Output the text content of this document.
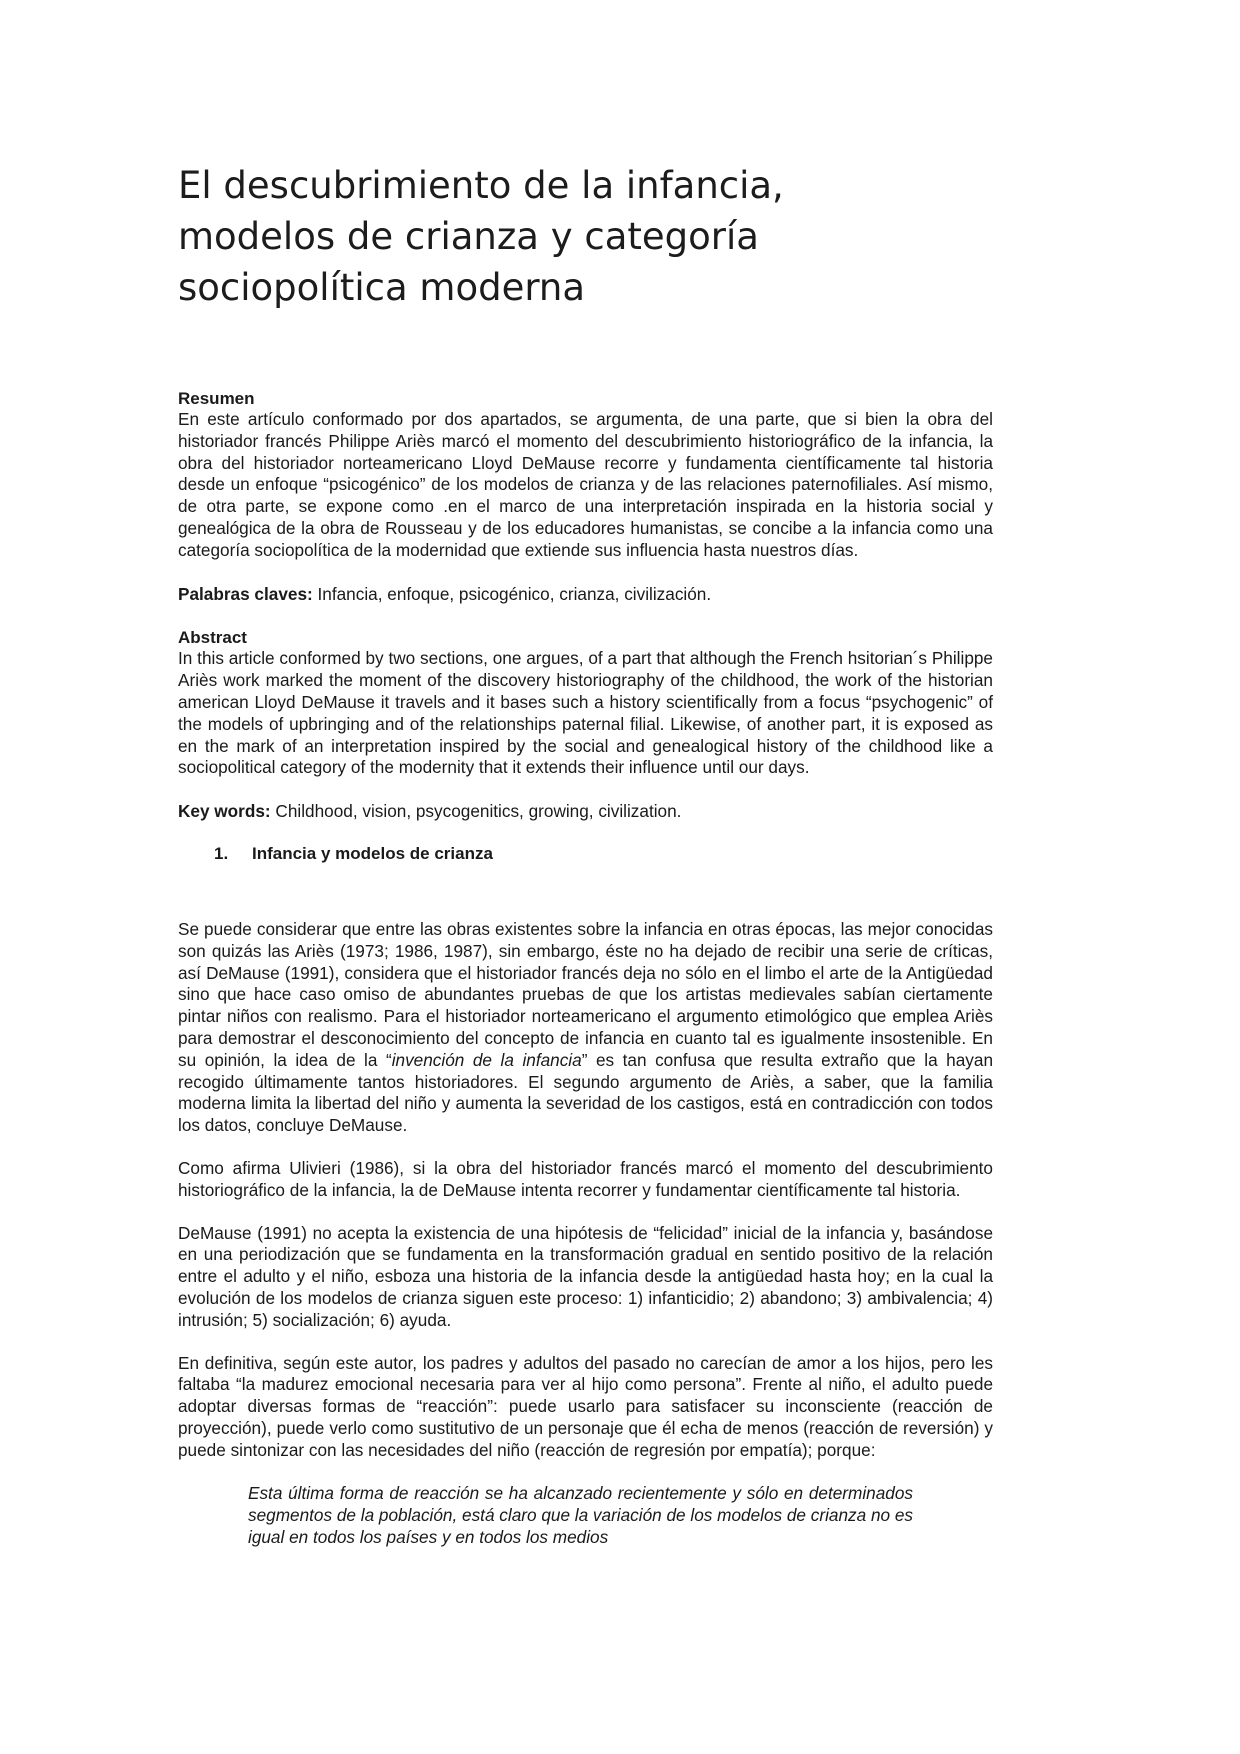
El descubrimiento de la infancia, modelos de crianza y categoría sociopolítica moderna
Resumen

En este artículo conformado por dos apartados, se argumenta, de una parte, que si bien la obra del historiador francés Philippe Ariès marcó el momento del descubrimiento historiográfico de la infancia, la obra del historiador norteamericano Lloyd DeMause recorre y fundamenta científicamente tal historia desde un enfoque “psicogénico” de los modelos de crianza y de las relaciones paternofiliales. Así mismo, de otra parte, se expone como .en el marco de una interpretación inspirada en la historia social y genealógica de la obra de Rousseau y de los educadores humanistas, se concibe a la infancia como una categoría sociopolítica de la modernidad que extiende sus influencia hasta nuestros días.

Palabras claves: Infancia, enfoque, psicogénico, crianza, civilización.

Abstract

In this article conformed by two sections, one argues, of a part that although the French hsitorian´s Philippe Ariès work marked the moment of the discovery historiography of the childhood, the work of the historian american Lloyd DeMause it travels and it bases such a history scientifically from a focus “psychogenic” of the models of upbringing and of the relationships paternal filial. Likewise, of another part, it is exposed as en the mark of an interpretation inspired by the social and genealogical history of the childhood like a sociopolitical category of the modernity that it extends their influence until our days.

Key words: Childhood, vision, psycogenitics, growing, civilization.

1.	Infancia y modelos de crianza

Se puede considerar que entre las obras existentes sobre la infancia en otras épocas, las mejor conocidas son quizás las Ariès (1973; 1986, 1987), sin embargo, éste no ha dejado de recibir una serie de críticas, así DeMause (1991), considera que el historiador francés deja no sólo en el limbo el arte de la Antigüedad sino que hace caso omiso de abundantes pruebas de que los artistas medievales sabían ciertamente pintar niños con realismo. Para el historiador norteamericano el argumento etimológico que emplea Ariès para demostrar el desconocimiento del concepto de infancia en cuanto tal es igualmente insostenible. En su opinión, la idea de la “invención de la infancia” es tan confusa que resulta extraño que la hayan recogido últimamente tantos historiadores. El segundo argumento de Ariès, a saber, que la familia moderna limita la libertad del niño y aumenta la severidad de los castigos, está en contradicción con todos los datos, concluye DeMause.

Como afirma Ulivieri (1986), si la obra del historiador francés marcó el momento del descubrimiento historiográfico de la infancia, la de DeMause intenta recorrer y fundamentar científicamente tal historia.

DeMause (1991) no acepta la existencia de una hipótesis de “felicidad” inicial de la infancia y, basándose en una periodización que se fundamenta en la transformación gradual en sentido positivo de la relación entre el adulto y el niño, esboza una historia de la infancia desde la antigüedad hasta hoy; en la cual la evolución de los modelos de crianza siguen este proceso: 1) infanticidio; 2) abandono; 3) ambivalencia; 4) intrusión; 5) socialización; 6) ayuda.

En definitiva, según este autor, los padres y adultos del pasado no carecían de amor a los hijos, pero les faltaba “la madurez emocional necesaria para ver al hijo como persona”. Frente al niño, el adulto puede adoptar diversas formas de “reacción”: puede usarlo para satisfacer su inconsciente (reacción de proyección), puede verlo como sustitutivo de un personaje que él echa de menos (reacción de reversión) y puede sintonizar con las necesidades del niño (reacción de regresión por empatía); porque:

Esta última forma de reacción se ha alcanzado recientemente y sólo en determinados segmentos de la población, está claro que la variación de los modelos de crianza no es igual en todos los países y en todos los medios
